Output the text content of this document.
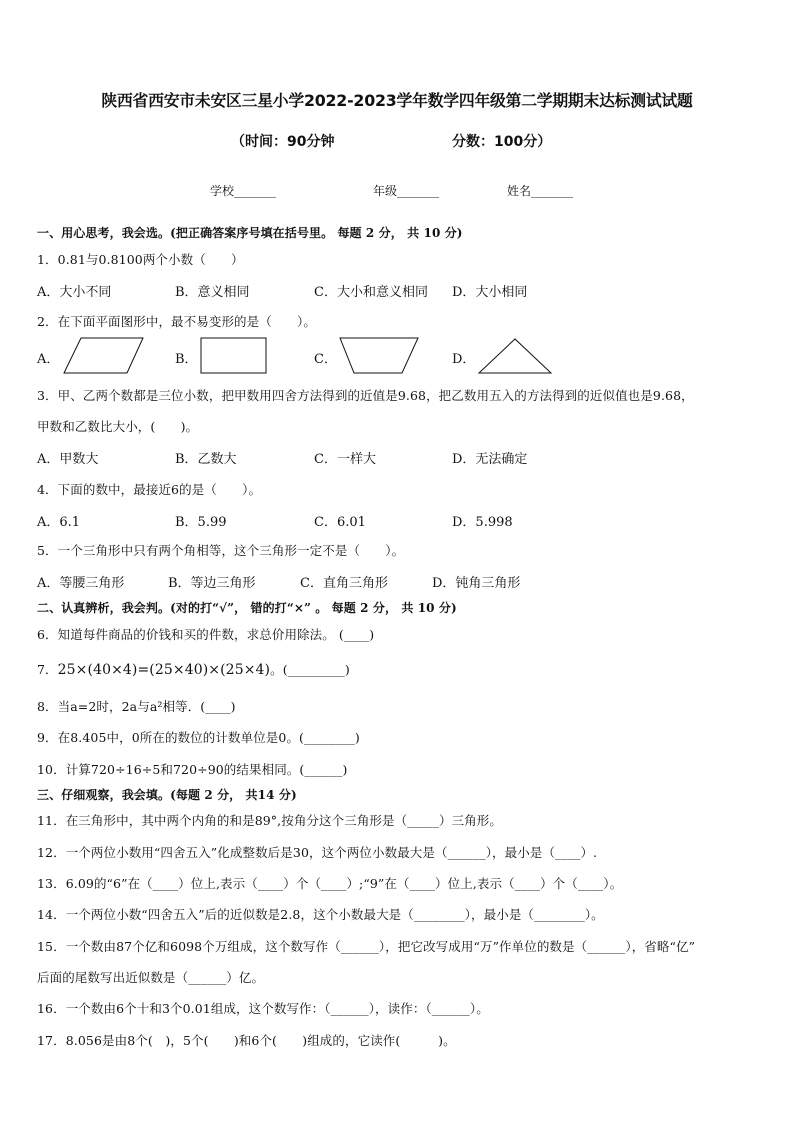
陕西省西安市未安区三星小学2022-2023学年数学四年级第二学期期末达标测试试题
（时间：90分钟	分数：100分）
学校_______	年级_______	姓名_______
一、用心思考，我会选。(把正确答案序号填在括号里。 每题 2 分， 共 10 分)
1．0.81与0.8100两个小数（　　）
A．大小不同	B．意义相同	C．大小和意义相同 D．大小相同
2．在下面平面图形中，最不易变形的是（　　）。
A．	B．	C．	D．
3．甲、乙两个数都是三位小数，把甲数用四舍方法得到的近值是9.68，把乙数用五入的方法得到的近似值也是9.68，
甲数和乙数比大小，(　　)。
A．甲数大	B．乙数大	C．一样大	D．无法确定
4．下面的数中，最接近6的是（　　）。
A．6.1	B．5.99	C．6.01	D．5.998
5．一个三角形中只有两个角相等，这个三角形一定不是（　　）。
A．等腰三角形	B．等边三角形	C．直角三角形	D．钝角三角形
二、认真辨析，我会判。(对的打“√”， 错的打“×” 。 每题 2 分， 共 10 分)
6．知道每件商品的价钱和买的件数，求总价用除法。 (____)
7．25×(40×4)=(25×40)×(25×4)。(_________)
8．当a=2时，2a与a²相等．(____)
9．在8.405中，0所在的数位的计数单位是0。(________)
10．计算720÷16÷5和720÷90的结果相同。(______)
三、仔细观察，我会填。(每题 2 分， 共14 分)
11．在三角形中，其中两个内角的和是89°,按角分这个三角形是（_____）三角形。
12．一个两位小数用“四舍五入”化成整数后是30，这个两位小数最大是（______），最小是（____）.
13．6.09的“6”在（____）位上,表示（____）个（____）;“9”在（____）位上,表示（____）个（____）。
14．一个两位小数“四舍五入”后的近似数是2.8，这个小数最大是（________），最小是（________）。
15．一个数由87个亿和6098个万组成，这个数写作（______），把它改写成用“万”作单位的数是（______），省略“亿”
后面的尾数写出近似数是（______）亿。
16．一个数由6个十和3个0.01组成，这个数写作：（______），读作：（______）。
17．8.056是由8个(　)，5个(　　)和6个(　　)组成的，它读作(　　　)。
